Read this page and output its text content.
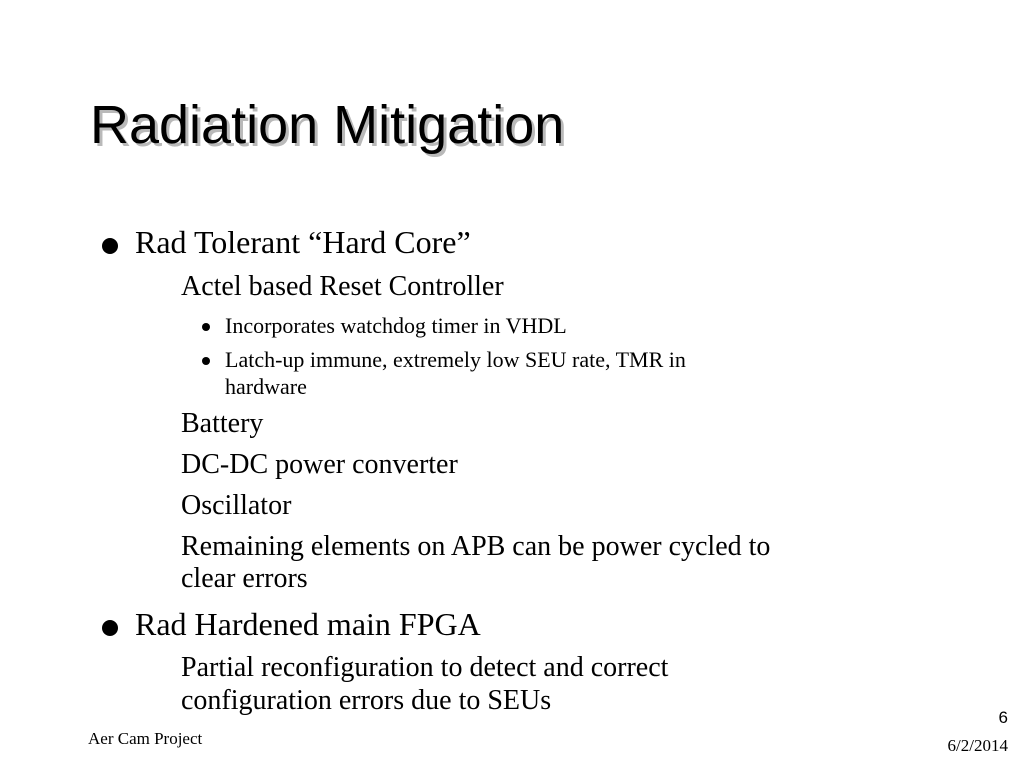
Radiation Mitigation
Rad Tolerant “Hard Core”
Actel based Reset Controller
Incorporates watchdog timer in VHDL
Latch-up immune, extremely low SEU rate, TMR in
hardware
Battery
DC-DC power converter
Oscillator
Remaining elements on APB can be power cycled to
clear errors
Rad Hardened main FPGA
Partial reconfiguration to detect and correct
configuration errors due to SEUs
Aer Cam Project
6
6/2/2014
